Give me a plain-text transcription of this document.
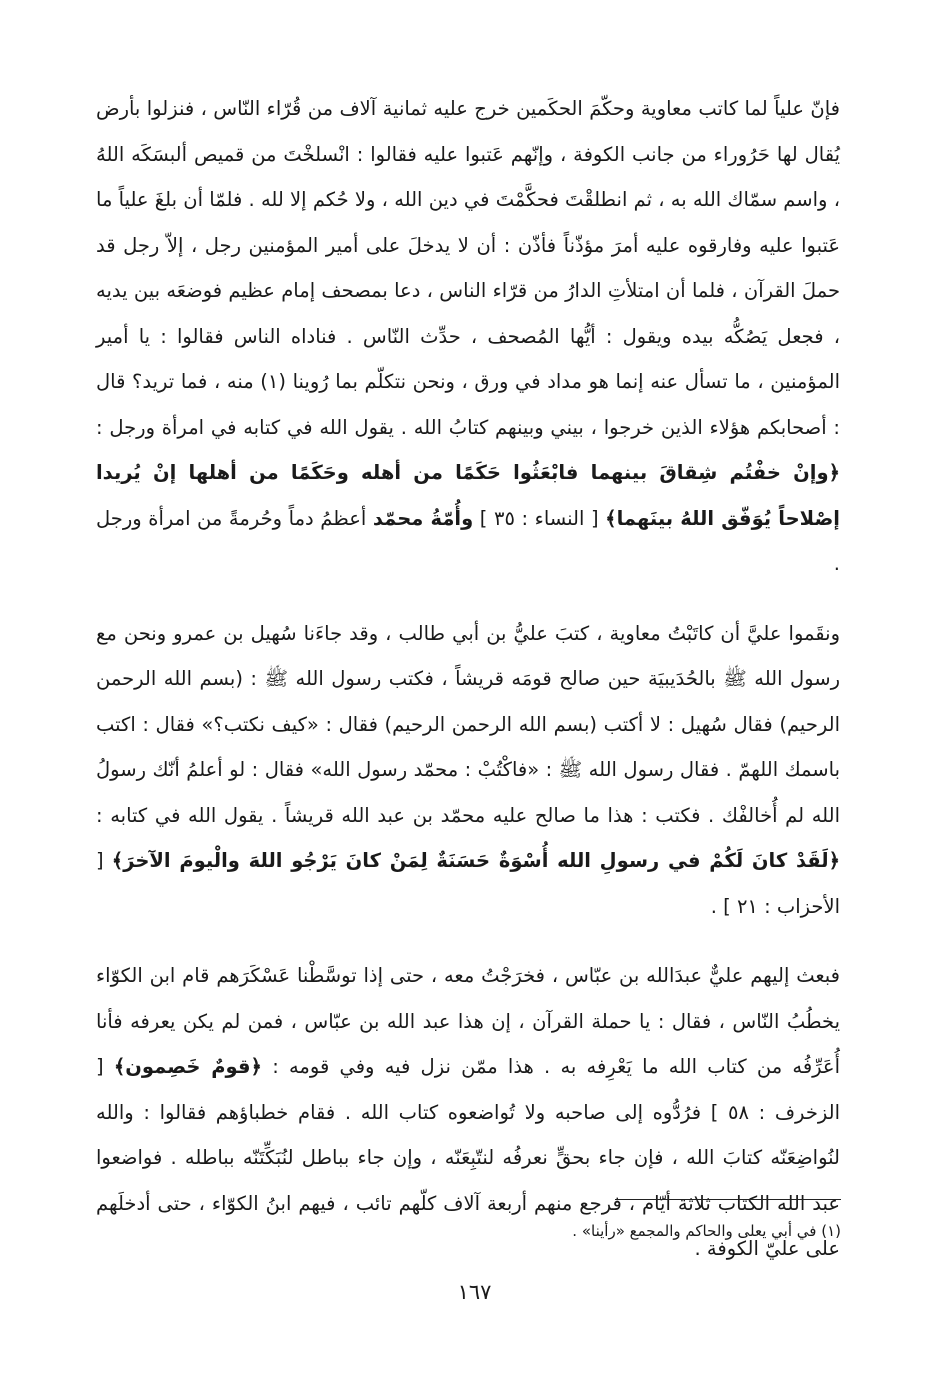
فإنّ علياً لما كاتب معاوية وحكّمَ الحكَمين خرج عليه ثمانية آلاف من قُرّاء النّاس ، فنزلوا بأرض يُقال لها حَرُوراء من جانب الكوفة ، وإنّهم عَتبوا عليه فقالوا : انْسلخْتَ من قميص ألبسَكَه اللهُ ، واسم سمّاك الله به ، ثم انطلقْتَ فحكَّمْتَ في دين الله ، ولا حُكم إلا لله . فلمّا أن بلغَ علياً ما عَتبوا عليه وفارقوه عليه أمرَ مؤذّناً فأذّن : أن لا يدخلَ على أمير المؤمنين رجل ، إلاّ رجل قد حملَ القرآن ، فلما أن امتلأتِ الدارُ من قرّاء الناس ، دعا بمصحف إمام عظيم فوضعَه بين يديه ، فجعل يَصُكُّه بيده ويقول : أيُّها المُصحف ، حدِّث النّاس . فناداه الناس فقالوا : يا أمير المؤمنين ، ما تسأل عنه إنما هو مداد في ورق ، ونحن نتكلّم بما رُوينا (١) منه ، فما تريد؟ قال : أصحابكم هؤلاء الذين خرجوا ، بيني وبينهم كتابُ الله . يقول الله في كتابه في امرأة ورجل : ﴿وإنْ خفْتُم شِقاقَ بينهما فابْعَثُوا حَكَمًا من أهله وحَكَمًا من أهلها إنْ يُريدا إصْلاحاً يُوَفّق اللهُ بينَهما﴾ [ النساء : ٣٥ ] وأُمّةُ محمّد أعظمُ دماً وحُرمةً من امرأة ورجل .

ونقَموا عليَّ أن كاتَبْتُ معاوية ، كتبَ عليُّ بن أبي طالب ، وقد جاءَنا سُهيل بن عمرو ونحن مع رسول الله ﷺ بالحُدَيبيَة حين صالح قومَه قريشاً ، فكتب رسول الله ﷺ : (بسم الله الرحمن الرحيم) فقال سُهيل : لا أكتب (بسم الله الرحمن الرحيم) فقال : «كيف نكتب؟» فقال : اكتب باسمك اللهمّ . فقال رسول الله ﷺ : «فاكْتُبْ : محمّد رسول الله» فقال : لو أعلمُ أنّك رسولُ الله لم أُخالفْك . فكتب : هذا ما صالح عليه محمّد بن عبد الله قريشاً . يقول الله في كتابه : ﴿لَقَدْ كانَ لَكُمْ في رسولِ الله أُسْوَةٌ حَسَنَةٌ لِمَنْ كانَ يَرْجُو اللهَ والْيومَ الآخرَ﴾ [ الأحزاب : ٢١ ] .

فبعث إليهم عليٌّ عبدَالله بن عبّاس ، فخرَجْتُ معه ، حتى إذا توسَّطْنا عَسْكَرَهم قام ابن الكوّاء يخطُبُ النّاس ، فقال : يا حملة القرآن ، إن هذا عبد الله بن عبّاس ، فمن لم يكن يعرفه فأنا أُعَرِّفُه من كتاب الله ما يَعْرِفه به . هذا ممّن نزل فيه وفي قومه : ﴿قومٌ خَصِمون﴾ [ الزخرف : ٥٨ ] فرُدُّوه إلى صاحبه ولا تُواضعوه كتاب الله . فقام خطباؤهم فقالوا : والله لنُواضِعَنّه كتابَ الله ، فإن جاء بحقٍّ نعرفُه لنتّبِعَنّه ، وإن جاء بباطل لنُبَكِّتَنّه بباطله . فواضعوا عبد الله الكتاب ثلاثة أيّام ، فرجع منهم أربعة آلاف كلّهم تائب ، فيهم ابنُ الكوّاء ، حتى أدخلَهم على عليّ الكوفة .

(١) في أبي يعلى والحاكم والمجمع «رأينا» .
١٦٧
